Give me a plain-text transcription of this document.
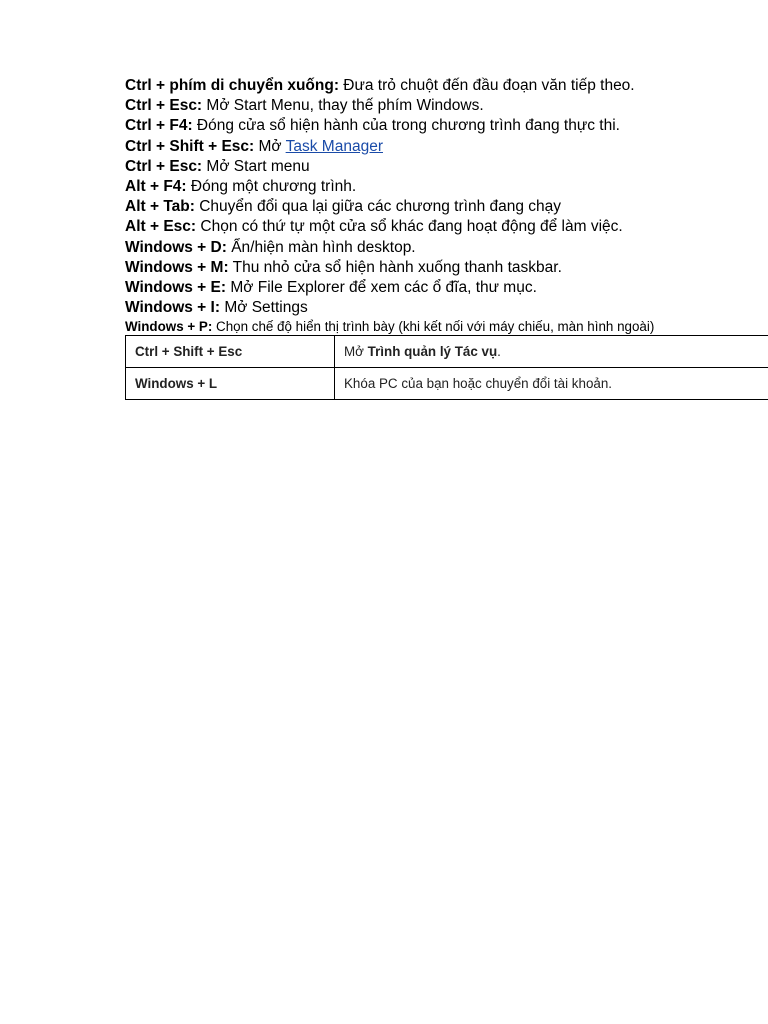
Ctrl + phím di chuyển xuống: Đưa trỏ chuột đến đầu đoạn văn tiếp theo.
Ctrl + Esc: Mở Start Menu, thay thế phím Windows.
Ctrl + F4: Đóng cửa sổ hiện hành của trong chương trình đang thực thi.
Ctrl + Shift + Esc: Mở Task Manager
Ctrl + Esc: Mở Start menu
Alt + F4: Đóng một chương trình.
Alt + Tab: Chuyển đổi qua lại giữa các chương trình đang chạy
Alt + Esc: Chọn có thứ tự một cửa sổ khác đang hoạt động để làm việc.
Windows + D: Ẩn/hiện màn hình desktop.
Windows + M: Thu nhỏ cửa sổ hiện hành xuống thanh taskbar.
Windows + E: Mở File Explorer để xem các ổ đĩa, thư mục.
Windows + I: Mở Settings
Windows + P: Chọn chế độ hiển thị trình bày (khi kết nối với máy chiếu, màn hình ngoài)
Ctrl + Shift + Esc	Mở Trình quản lý Tác vụ.
Windows + L	Khóa PC của bạn hoặc chuyển đổi tài khoản.
